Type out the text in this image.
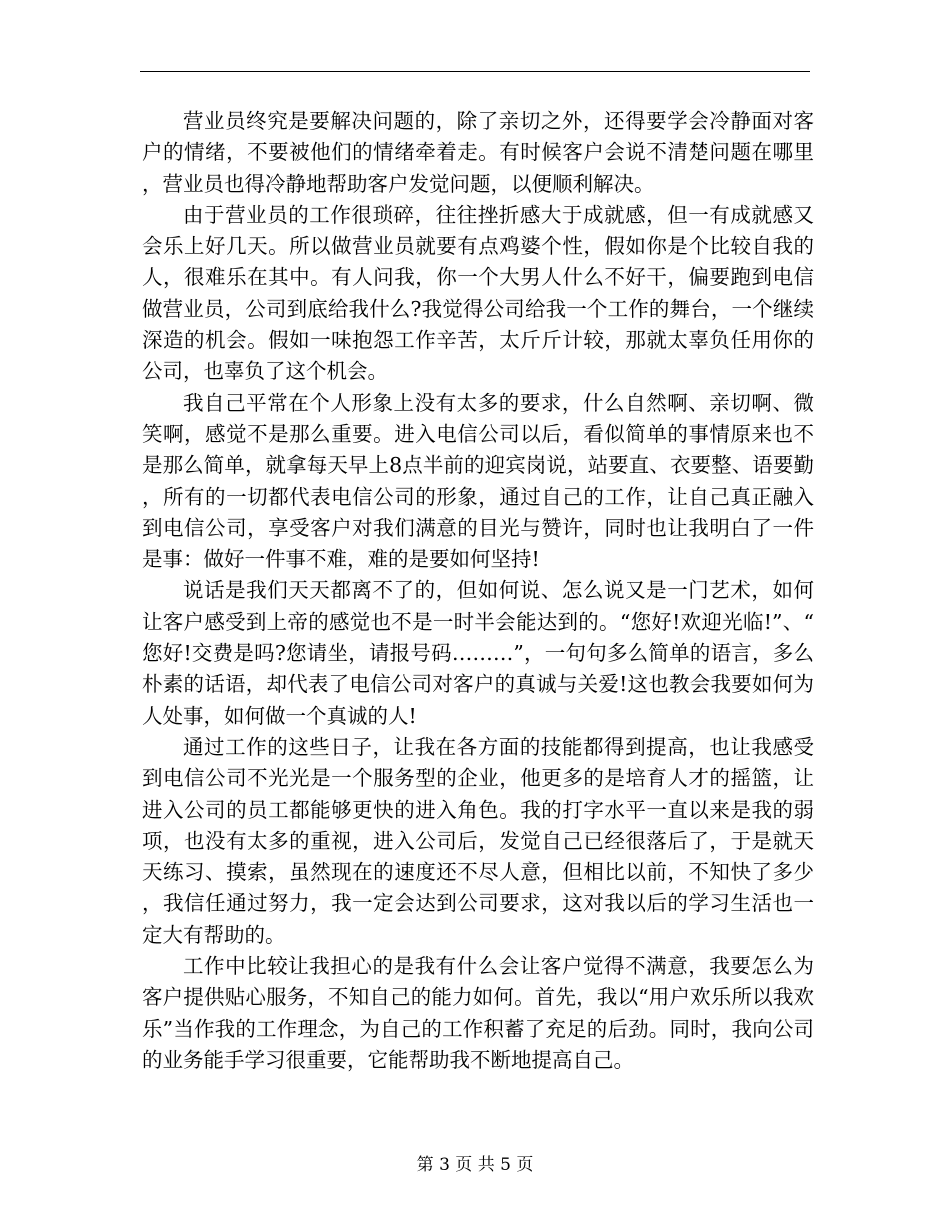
营业员终究是要解决问题的，除了亲切之外，还得要学会冷静面对客户的情绪，不要被他们的情绪牵着走。有时候客户会说不清楚问题在哪里，营业员也得冷静地帮助客户发觉问题，以便顺利解决。

由于营业员的工作很琐碎，往往挫折感大于成就感，但一有成就感又会乐上好几天。所以做营业员就要有点鸡婆个性，假如你是个比较自我的人，很难乐在其中。有人问我，你一个大男人什么不好干，偏要跑到电信做营业员，公司到底给我什么?我觉得公司给我一个工作的舞台，一个继续深造的机会。假如一味抱怨工作辛苦，太斤斤计较，那就太辜负任用你的公司，也辜负了这个机会。

我自己平常在个人形象上没有太多的要求，什么自然啊、亲切啊、微笑啊，感觉不是那么重要。进入电信公司以后，看似简单的事情原来也不是那么简单，就拿每天早上8点半前的迎宾岗说，站要直、衣要整、语要勤，所有的一切都代表电信公司的形象，通过自己的工作，让自己真正融入到电信公司，享受客户对我们满意的目光与赞许，同时也让我明白了一件是事：做好一件事不难，难的是要如何坚持!

说话是我们天天都离不了的，但如何说、怎么说又是一门艺术，如何让客户感受到上帝的感觉也不是一时半会能达到的。“您好!欢迎光临!”、“您好!交费是吗?您请坐，请报号码………”，一句句多么简单的语言，多么朴素的话语，却代表了电信公司对客户的真诚与关爱!这也教会我要如何为人处事，如何做一个真诚的人!

通过工作的这些日子，让我在各方面的技能都得到提高，也让我感受到电信公司不光光是一个服务型的企业，他更多的是培育人才的摇篮，让进入公司的员工都能够更快的进入角色。我的打字水平一直以来是我的弱项，也没有太多的重视，进入公司后，发觉自己已经很落后了，于是就天天练习、摸索，虽然现在的速度还不尽人意，但相比以前，不知快了多少，我信任通过努力，我一定会达到公司要求，这对我以后的学习生活也一定大有帮助的。

工作中比较让我担心的是我有什么会让客户觉得不满意，我要怎么为客户提供贴心服务，不知自己的能力如何。首先，我以“用户欢乐所以我欢乐”当作我的工作理念，为自己的工作积蓄了充足的后劲。同时，我向公司的业务能手学习很重要，它能帮助我不断地提高自己。

第 3 页 共 5 页
